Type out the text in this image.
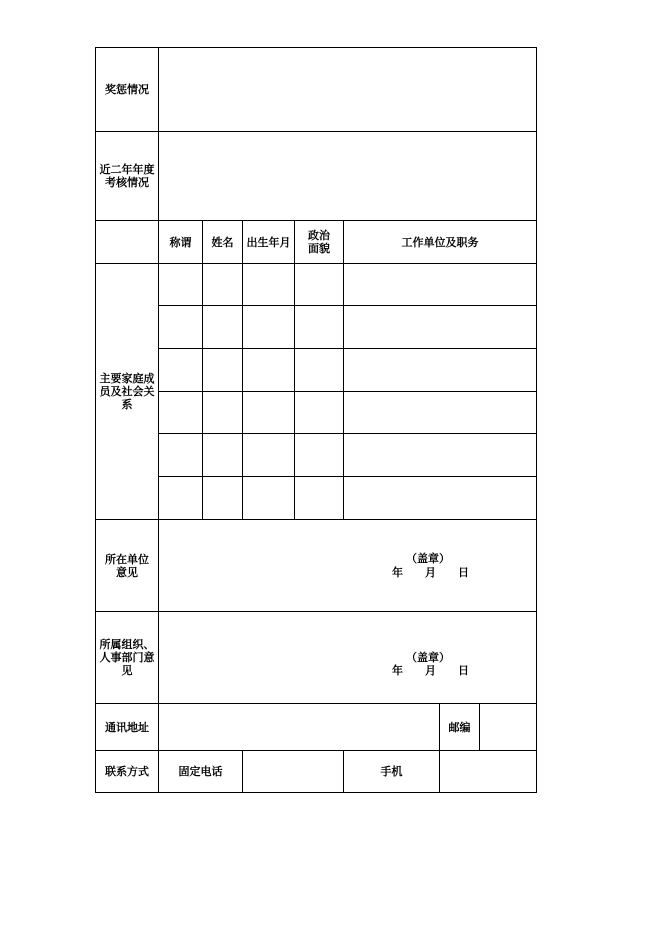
奖惩情况
近二年年度考核情况
称谓	姓名	出生年月	政治面貌	工作单位及职务
主要家庭成员及社会关系
所在单位意见
（盖章）
年 月 日
所属组织、人事部门意见
（盖章）
年 月 日
通讯地址	邮编
联系方式	固定电话	手机
